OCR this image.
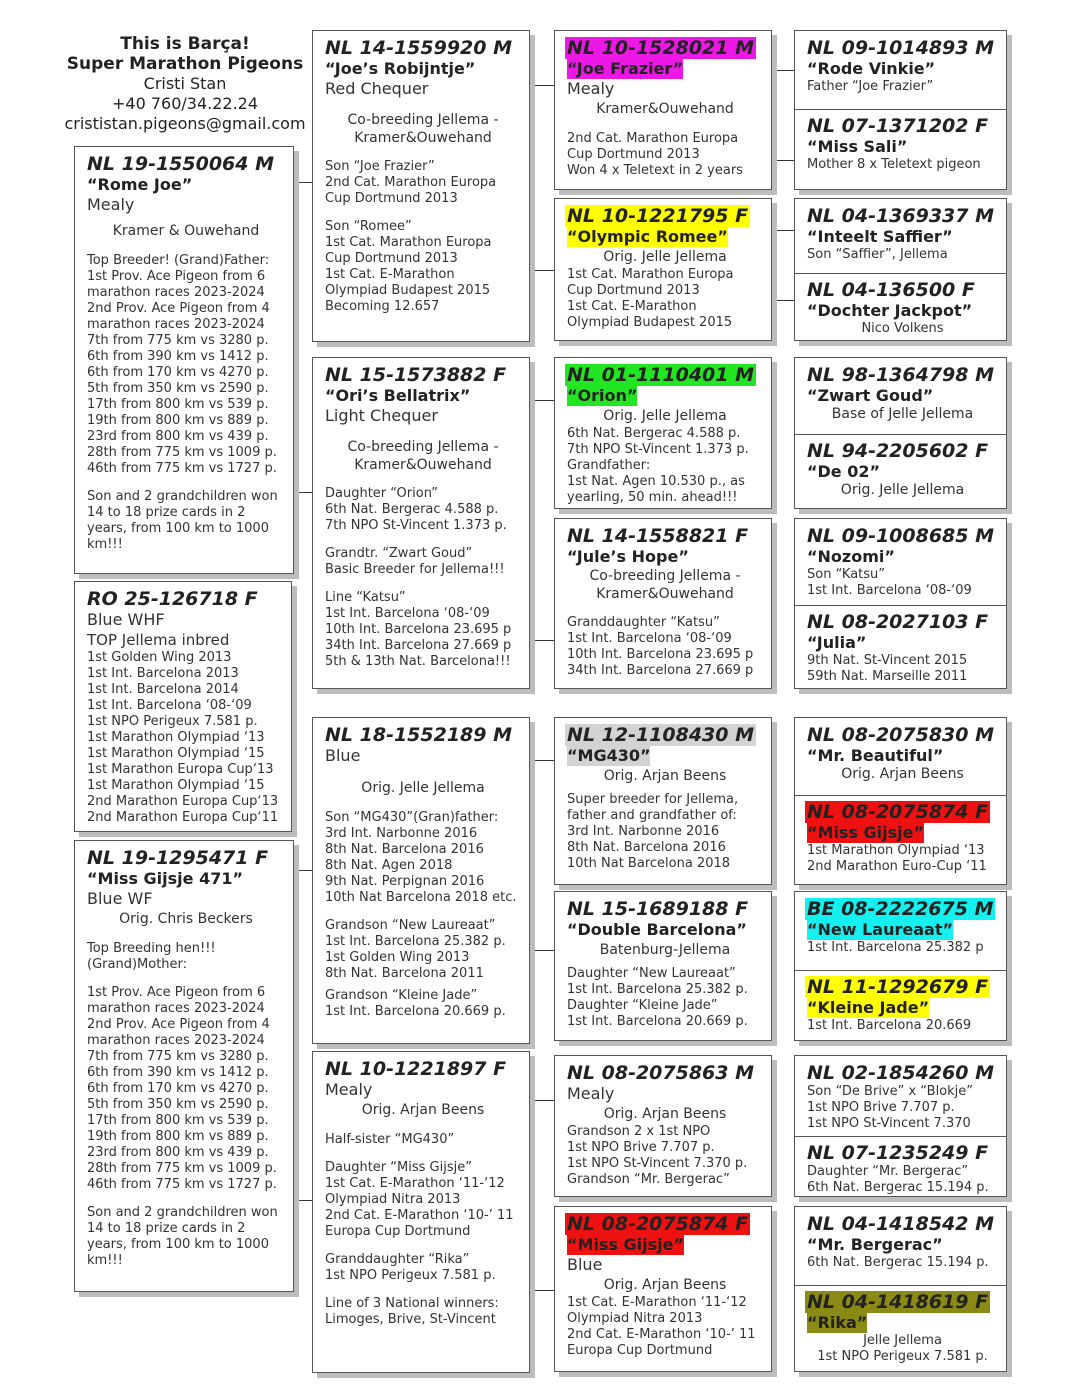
This is Barça!
Super Marathon Pigeons
Cristi Stan
+40 760/34.22.24
crististan.pigeons@gmail.com
NL 19-1550064 M
“Rome Joe”
Mealy
Kramer & Ouwehand
Top Breeder! (Grand)Father:
1st Prov. Ace Pigeon from 6 marathon races 2023-2024
2nd Prov. Ace Pigeon from 4 marathon races 2023-2024
7th from 775 km vs 3280 p.
6th from 390 km vs 1412 p.
6th from 170 km vs 4270 p.
5th from 350 km vs 2590 p.
17th from 800 km vs 539 p.
19th from 800 km vs 889 p.
23rd from 800 km vs 439 p.
28th from 775 km vs 1009 p.
46th from 775 km vs 1727 p.
Son and 2 grandchildren won 14 to 18 prize cards in 2 years, from 100 km to 1000 km!!!
RO 25-126718 F
Blue WHF
TOP Jellema inbred
1st Golden Wing 2013
1st Int. Barcelona 2013
1st Int. Barcelona 2014
1st Int. Barcelona ‘08-‘09
1st NPO Perigeux 7.581 p.
1st Marathon Olympiad ‘13
1st Marathon Olympiad ‘15
1st Marathon Europa Cup‘13
1st Marathon Olympiad ‘15
2nd Marathon Europa Cup‘13
2nd Marathon Europa Cup‘11
NL 19-1295471 F
“Miss Gijsje 471”
Blue WF
Orig. Chris Beckers
Top Breeding hen!!!
(Grand)Mother:
1st Prov. Ace Pigeon from 6 marathon races 2023-2024
2nd Prov. Ace Pigeon from 4 marathon races 2023-2024
7th from 775 km vs 3280 p.
6th from 390 km vs 1412 p.
6th from 170 km vs 4270 p.
5th from 350 km vs 2590 p.
17th from 800 km vs 539 p.
19th from 800 km vs 889 p.
23rd from 800 km vs 439 p.
28th from 775 km vs 1009 p.
46th from 775 km vs 1727 p.
Son and 2 grandchildren won 14 to 18 prize cards in 2 years, from 100 km to 1000 km!!!
NL 14-1559920 M
“Joe’s Robijntje”
Red Chequer
Co-breeding Jellema - Kramer&Ouwehand
Son “Joe Frazier”
2nd Cat. Marathon Europa Cup Dortmund 2013
Son “Romee”
1st Cat. Marathon Europa Cup Dortmund 2013
1st Cat. E-Marathon Olympiad Budapest 2015
Becoming 12.657
NL 15-1573882 F
“Ori’s Bellatrix”
Light Chequer
Co-breeding Jellema - Kramer&Ouwehand
Daughter “Orion”
6th Nat. Bergerac 4.588 p.
7th NPO St-Vincent 1.373 p.
Grandtr. “Zwart Goud”
Basic Breeder for Jellema!!!
Line “Katsu”
1st Int. Barcelona ‘08-‘09
10th Int. Barcelona 23.695 p
34th Int. Barcelona 27.669 p
5th & 13th Nat. Barcelona!!!
NL 18-1552189 M
Blue
Orig. Jelle Jellema
Son “MG430”(Gran)father:
3rd Int. Narbonne 2016
8th Nat. Barcelona 2016
8th Nat. Agen 2018
9th Nat. Perpignan 2016
10th Nat Barcelona 2018 etc.
Grandson “New Laureaat”
1st Int. Barcelona 25.382 p.
1st Golden Wing 2013
8th Nat. Barcelona 2011
Grandson “Kleine Jade”
1st Int. Barcelona 20.669 p.
NL 10-1221897 F
Mealy
Orig. Arjan Beens
Half-sister “MG430”
Daughter “Miss Gijsje”
1st Cat. E-Marathon ‘11-‘12 Olympiad Nitra 2013
2nd Cat. E-Marathon ‘10-’ 11 Europa Cup Dortmund
Granddaughter “Rika”
1st NPO Perigeux 7.581 p.
Line of 3 National winners:
Limoges, Brive, St-Vincent
NL 10-1528021 M
“Joe Frazier”
Mealy
Kramer&Ouwehand
2nd Cat. Marathon Europa Cup Dortmund 2013
Won 4 x Teletext in 2 years
NL 10-1221795 F
“Olympic Romee”
Orig. Jelle Jellema
1st Cat. Marathon Europa Cup Dortmund 2013
1st Cat. E-Marathon Olympiad Budapest 2015
NL 01-1110401 M
“Orion”
Orig. Jelle Jellema
6th Nat. Bergerac 4.588 p.
7th NPO St-Vincent 1.373 p.
Grandfather:
1st Nat. Agen 10.530 p., as yearling, 50 min. ahead!!!
NL 14-1558821 F
“Jule’s Hope”
Co-breeding Jellema - Kramer&Ouwehand
Granddaughter “Katsu”
1st Int. Barcelona ‘08-‘09
10th Int. Barcelona 23.695 p
34th Int. Barcelona 27.669 p
NL 12-1108430 M
“MG430”
Orig. Arjan Beens
Super breeder for Jellema, father and grandfather of:
3rd Int. Narbonne 2016
8th Nat. Barcelona 2016
10th Nat Barcelona 2018
NL 15-1689188 F
“Double Barcelona”
Batenburg-Jellema
Daughter “New Laureaat”
1st Int. Barcelona 25.382 p.
Daughter “Kleine Jade”
1st Int. Barcelona 20.669 p.
NL 08-2075863 M
Mealy
Orig. Arjan Beens
Grandson 2 x 1st NPO
1st NPO Brive 7.707 p.
1st NPO St-Vincent 7.370 p.
Grandson “Mr. Bergerac”
NL 08-2075874 F
“Miss Gijsje”
Blue
Orig. Arjan Beens
1st Cat. E-Marathon ‘11-‘12 Olympiad Nitra 2013
2nd Cat. E-Marathon ‘10-’ 11 Europa Cup Dortmund
NL 09-1014893 M
“Rode Vinkie”
Father “Joe Frazier”
NL 07-1371202 F
“Miss Sali”
Mother 8 x Teletext pigeon
NL 04-1369337 M
“Inteelt Saffier”
Son “Saffier”, Jellema
NL 04-136500 F
“Dochter Jackpot”
Nico Volkens
NL 98-1364798 M
“Zwart Goud”
Base of Jelle Jellema
NL 94-2205602 F
“De 02”
Orig. Jelle Jellema
NL 09-1008685 M
“Nozomi”
Son “Katsu”
1st Int. Barcelona ‘08-‘09
NL 08-2027103 F
“Julia”
9th Nat. St-Vincent 2015
59th Nat. Marseille 2011
NL 08-2075830 M
“Mr. Beautiful”
Orig. Arjan Beens
NL 08-2075874 F
“Miss Gijsje”
1st Marathon Olympiad ‘13
2nd Marathon Euro-Cup ‘11
BE 08-2222675 M
“New Laureaat”
1st Int. Barcelona 25.382 p
NL 11-1292679 F
“Kleine Jade”
1st Int. Barcelona 20.669
NL 02-1854260 M
Son “De Brive” x “Blokje”
1st NPO Brive 7.707 p.
1st NPO St-Vincent 7.370
NL 07-1235249 F
Daughter “Mr. Bergerac”
6th Nat. Bergerac 15.194 p.
NL 04-1418542 M
“Mr. Bergerac”
6th Nat. Bergerac 15.194 p.
NL 04-1418619 F
“Rika”
Jelle Jellema
1st NPO Perigeux 7.581 p.
